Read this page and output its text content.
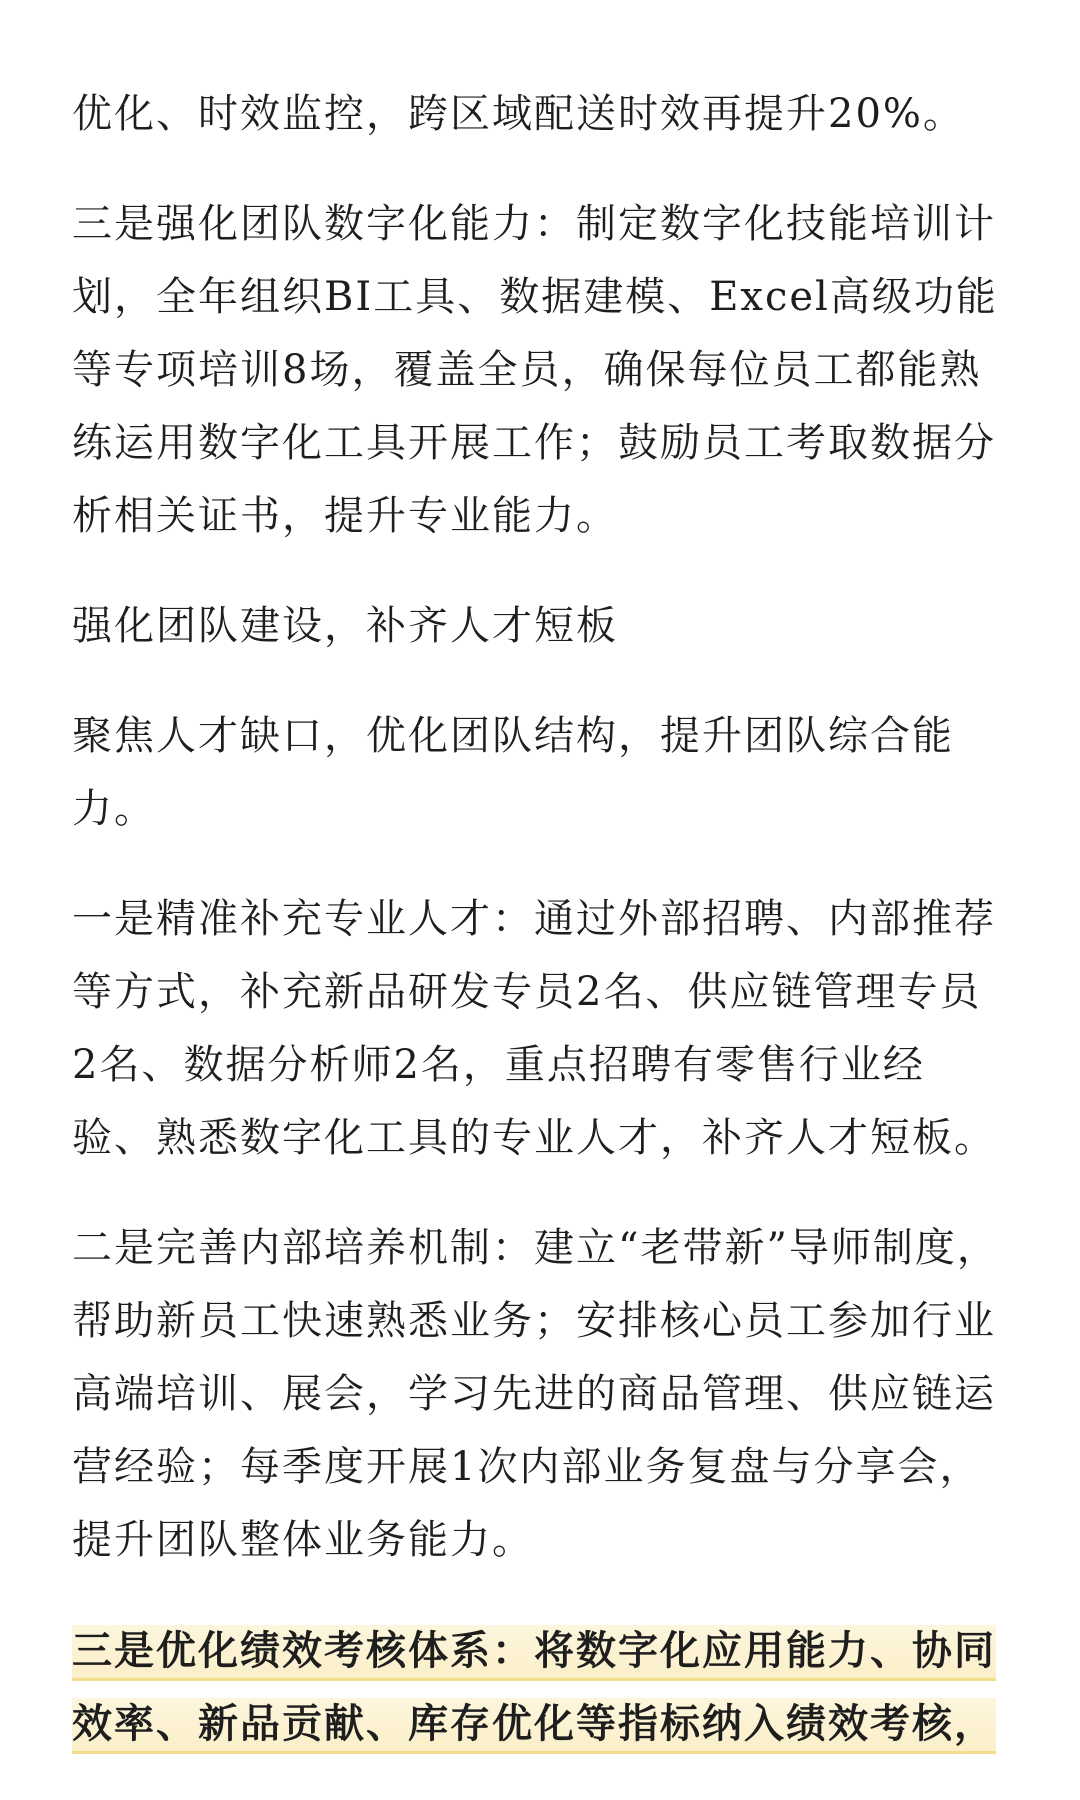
优化、时效监控，跨区域配送时效再提升20%。

三是强化团队数字化能力：制定数字化技能培训计划，全年组织BI工具、数据建模、Excel高级功能等专项培训8场，覆盖全员，确保每位员工都能熟练运用数字化工具开展工作；鼓励员工考取数据分析相关证书，提升专业能力。

强化团队建设，补齐人才短板

聚焦人才缺口，优化团队结构，提升团队综合能力。

一是精准补充专业人才：通过外部招聘、内部推荐等方式，补充新品研发专员2名、供应链管理专员2名、数据分析师2名，重点招聘有零售行业经验、熟悉数字化工具的专业人才，补齐人才短板。

二是完善内部培养机制：建立“老带新”导师制度，帮助新员工快速熟悉业务；安排核心员工参加行业高端培训、展会，学习先进的商品管理、供应链运营经验；每季度开展1次内部业务复盘与分享会，提升团队整体业务能力。

三是优化绩效考核体系：将数字化应用能力、协同效率、新品贡献、库存优化等指标纳入绩效考核，
